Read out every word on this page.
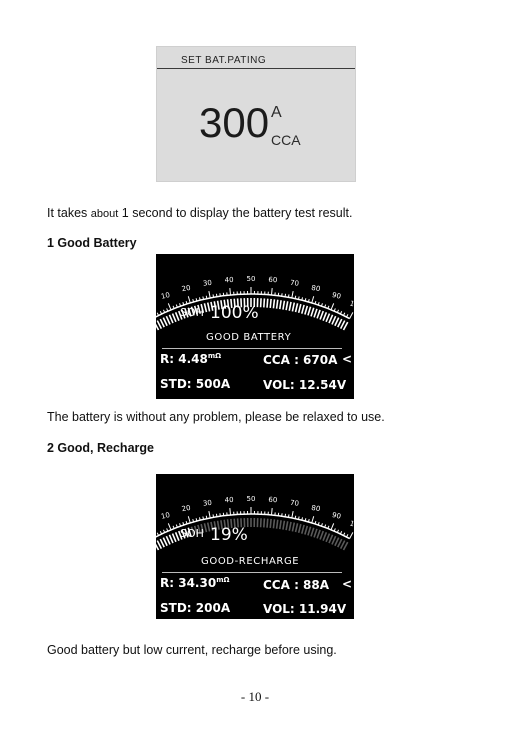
SET BAT.PATING
300 A
CCA
It takes about 1 second to display the battery test result.
1 Good Battery
10
20
30 40 50 60 70
80
90
100
SOH 100%
GOOD BATTERY
R: $4.48^{m\Omega}$	CCA : 670A <
STD: 500A	VOL: 12.54V
The battery is without any problem, please be relaxed to use.
2 Good, Recharge
10
20
30 40 50 60 70
80
90
100
SOH 19%
GOOD-RECHARGE
R: $34.30^{m\Omega}$	CCA : 88A <
STD: 200A	VOL: 11.94V
Good battery but low current, recharge before using.
- 10 -
